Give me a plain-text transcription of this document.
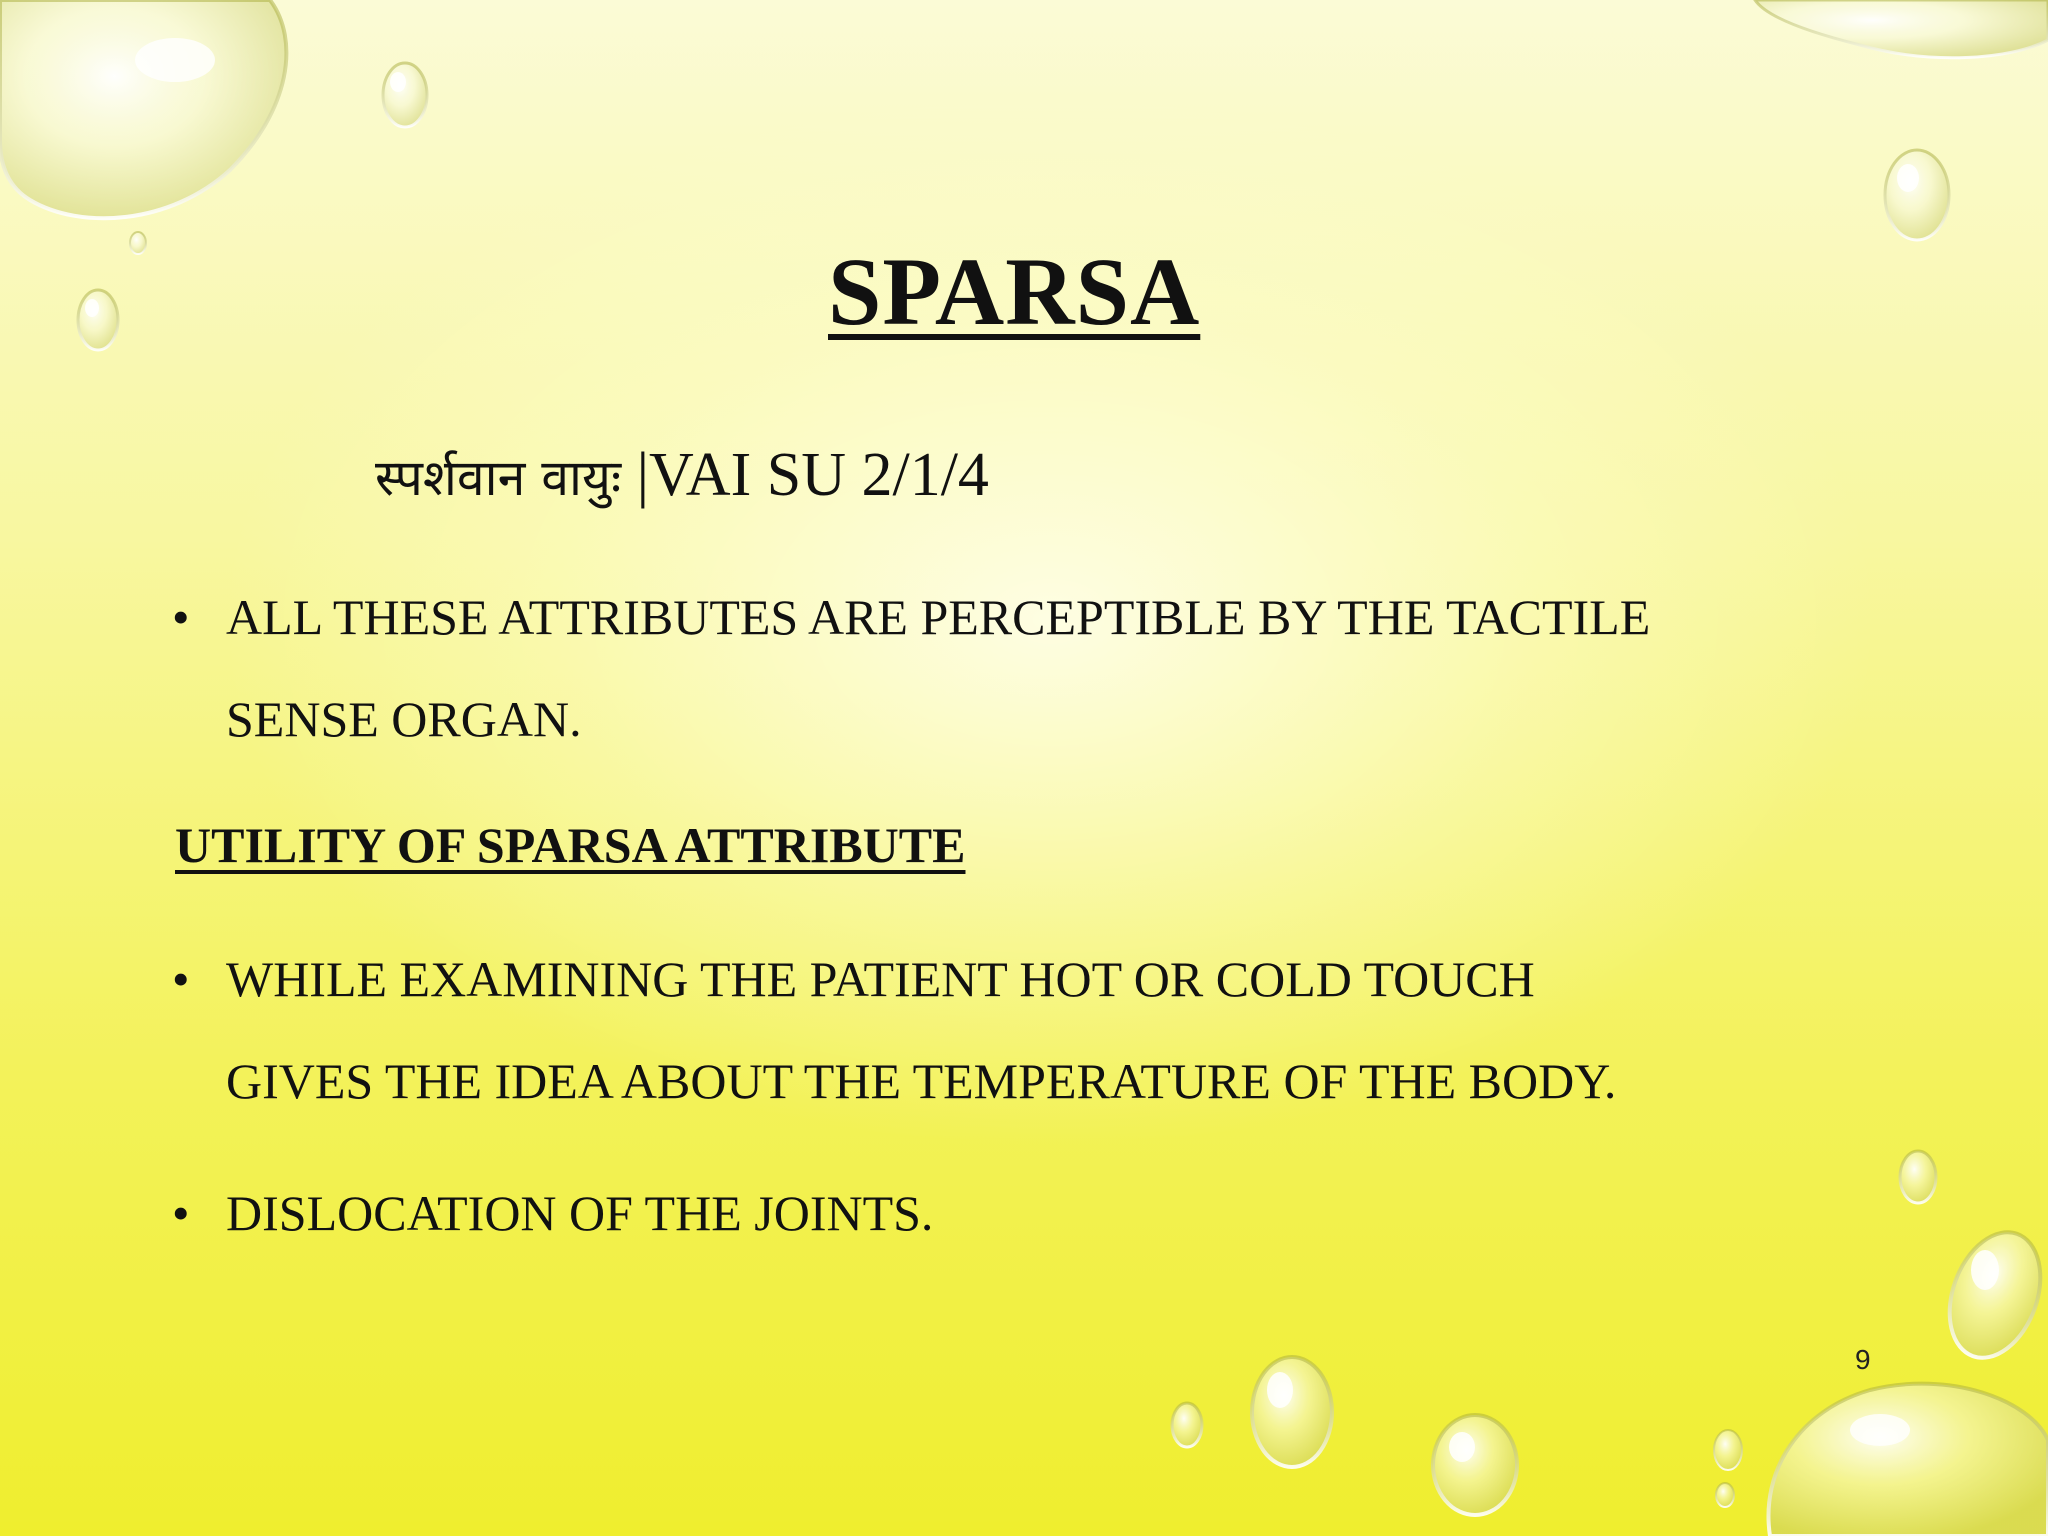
SPARSA
स्पर्शवान वायुः |VAI SU 2/1/4
• ALL THESE ATTRIBUTES ARE PERCEPTIBLE BY THE TACTILE
SENSE ORGAN.
UTILITY OF SPARSA ATTRIBUTE
• WHILE EXAMINING THE PATIENT HOT OR COLD TOUCH
GIVES THE IDEA ABOUT THE TEMPERATURE OF THE BODY.
• DISLOCATION OF THE JOINTS.
9
